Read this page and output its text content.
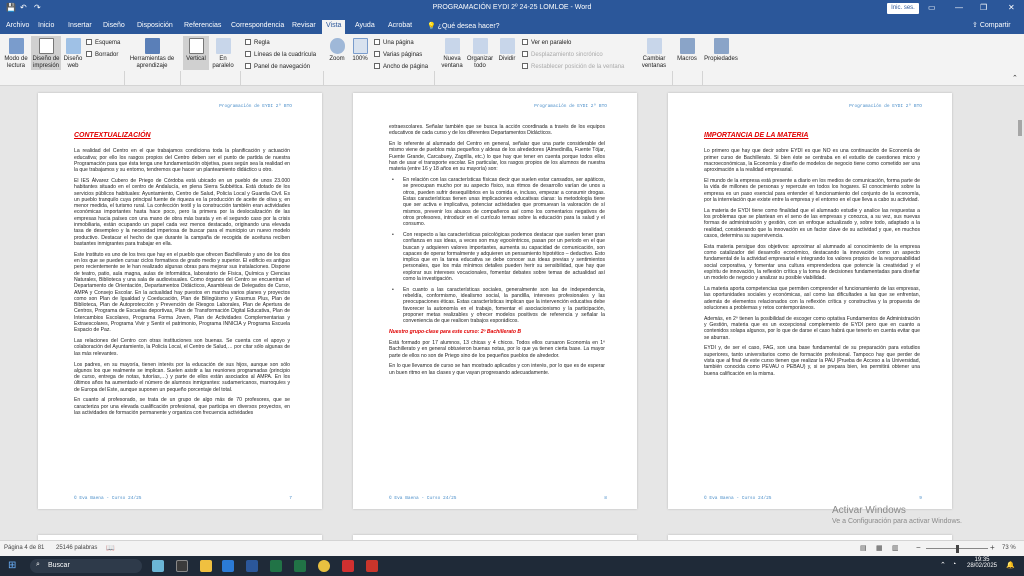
💾 ↶ ↷	PROGRAMACIÓN EYDI 2º 24-25 LOMLOE - Word	Inic. ses.	▭ — ❐	✕
Archivo	Inicio	Insertar	Diseño	Disposición	Referencias	Correspondencia	Revisar	Vista	Ayuda	Acrobat	💡 ¿Qué desea hacer?	⇪ Compartir
Modo de lectura
Diseño de impresión
Diseño web
Esquema
Borrador
Herramientas de aprendizaje
Vertical	En paralelo
Regla
Líneas de la cuadrícula
Panel de navegación
Zoom	100%
Una página
Varias páginas
Ancho de página
Nueva ventana
Organizar todo
Dividir
Ver en paralelo
Desplazamiento sincrónico
Restablecer posición de la ventana
Cambiar ventanas
Macros Propiedades
⌃
Programación de EYDI 2º BTO
CONTEXTUALIZACIÓN

La realidad del Centro en el que trabajamos condiciona toda la planificación y actuación educativa; por ello los rasgos propios del Centro deben ser el punto de partida de nuestra Programación para que ésta tenga une fundamentación objetiva, pues según sea la realidad en la que trabajamos y su entorno, tendremos que hacer un planteamiento didáctico u otro.

El IES Álvarez Cubero de Priego de Córdoba está ubicado en un pueblo de unos 23.000 habitantes situado en el centro de Andalucía, en plena Sierra Subbética. Está dotado de los servicios públicos habituales: Ayuntamiento, Centro de Salud, Policía Local y Guardia Civil. Es un pueblo tranquilo cuya principal fuente de riqueza es la producción de aceite de oliva y, en menor medida, el turismo rural. La confección textil y la construcción también eran actividades económicas importantes hasta hace poco, pero la primera por la deslocalización de las empresas hacia países con una mano de obra más barata y en el segundo caso por la crisis inmobiliaria, están ocupando un papel cada vez menos destacado, originando una elevada tasa de desempleo y la necesidad imperiosa de buscar para el municipio un nuevo modelo productivo. Destacar el hecho de que durante la campaña de recogida de aceituna reciben bastantes inmigrantes para trabajar en ella.

Este Instituto es uno de los tres que hay en el pueblo que ofrecen Bachillerato y uno de los dos en los que se pueden cursar ciclos formativos de grado medio y superior. El edificio es antiguo pero recientemente se le han realizado algunas obras para mejorar sus instalaciones. Dispone de teatro, patio, aula magna, aulas de informática, laboratorio de Física, Química y Ciencias Naturales, Biblioteca y una sala de audiovisuales. Como órganos del Centro se encuentran el Departamento de Orientación, Departamentos Didácticos, Asambleas de Delegados de Curso, AMPA y Consejo Escolar. En la actualidad hay puestos en marcha varios planes y proyectos como son Plan de Igualdad y Coeducación, Plan de Bilingüismo y Erasmus Plus, Plan de Biblioteca, Plan de Autoprotección y Prevención de Riesgos Laborales, Plan de Apertura de Centros, Programa de Escuelas deportivas, Plan de Transformación Digital Educativa, Plan de Intercambios Escolares, Programa Forma Joven, Plan de Actividades Complementarias y Extraescolares, Programa Vivir y Sentir el patrimonio, Programa INNICIA y Programa Escuela Espacio de Paz.

Las relaciones del Centro con otras instituciones son buenas. Se cuenta con el apoyo y colaboración del Ayuntamiento, la Policía Local, el Centro de Salud,… por citar sólo algunas de las más relevantes.

Los padres, en su mayoría, tienen interés por la educación de sus hijos, aunque son sólo algunos los que realmente se implican. Suelen asistir a las reuniones programadas (principio de curso, entrega de notas, tutorías,…) y parte de ellos están asociados al AMPA. En los últimos años ha aumentado el número de alumnos inmigrantes: sudamericanos, marroquíes y de Europa del Este, aunque suponen un pequeño porcentaje del total.

En cuanto al profesorado, se trata de un grupo de algo más de 70 profesores, que se caracteriza por una elevada cualificación profesional, que participa en diversos proyectos, en las actividades de formación permanente y organiza con frecuencia actividades

© Eva Baena - Curso 24/25	7
Programación de EYDI 2º BTO

extraescolares. Señalar también que se busca la acción coordinada a través de los equipos educativos de cada curso y de los diferentes Departamentos Didácticos.

En lo referente al alumnado del Centro en general, señalar que una parte considerable del mismo viene de pueblos más pequeños y aldeas de los alrededores (Almedinilla, Fuente Tójar, Fuente Grande, Carcabuey, Zagrilla, etc.) lo que hay que tener en cuenta porque todos ellos han de usar el transporte escolar. En particular, los rasgos propios de los alumnos de nuestra materia (entre 16 y 18 años en su mayoría) son:

• En relación con las características físicas decir que suelen estar cansados, ser apáticos, se preocupan mucho por su aspecto físico, sus ritmos de desarrollo varían de unos a otros, pueden sufrir desequilibrios en la comida e, incluso, empezar a consumir drogas. Estas características tienen unas implicaciones educativas claras: la metodología tiene que ser activa e implicativa, potenciar actividades que promuevan la valoración de sí mismos, prevenir los abusos de compañeros así como los comentarios negativos de otros profesores, introducir en el currículo temas sobre la educación para la salud y el consumo.
• Con respecto a las características psicológicas podemos destacar que suelen tener gran confianza en sus ideas, a veces son muy egocéntricos, pasan por un periodo en el que buscan y adquieren valores importantes, aumenta su capacidad de comunicación, son capaces de operar formalmente y adquieren un pensamiento hipotético – deductivo. Esto implica que en la tarea educativa se debe conocer sus ideas previas y sentimientos personales, que los más mínimos detalles pueden herir su sensibilidad, que hay que explorar sus intereses vocacionales, fomentar debates sobre temas de actualidad así como la investigación.
• En cuanto a las características sociales, generalmente son las de independencia, rebeldía, conformismo, idealismo social, la pandilla, intereses profesionales y las preocupaciones éticas. Estas características implican que la intervención educativa debe favorecer la autonomía en el trabajo, fomentar el asociacionismo y la participación, proponer metas realizables y ofrecer modelos positivos de referencia y señalar la conveniencia de que realicen trabajos esporádicos.

Nuestro grupo-clase para este curso: 2º Bachillerato B

Está formado por 17 alumnos, 13 chicas y 4 chicos. Todos ellos cursaron Economía en 1º Bachillerato y en general obtuvieron buenas notas, por lo que ya tienen cierta base. La mayor parte de ellos no son de Priego sino de los pequeños pueblos de alrededor.

En lo que llevamos de curso se han mostrado aplicados y con interés, por lo que es de esperar un buen ritmo en las clases y que vayan progresando adecuadamente.

© Eva Baena - Curso 24/25	8
Programación de EYDI 2º BTO
IMPORTANCIA DE LA MATERIA

Lo primero que hay que decir sobre EYDI es que NO es una continuación de Economía de primer curso de Bachillerato. Si bien éste se centraba en el estudio de cuestiones micro y macroeconómicas, la Economía y diseño de modelos de negocio tiene como cometido ser una aproximación a la realidad empresarial.

El mundo de la empresa está presente a diario en los medios de comunicación, forma parte de la vida de millones de personas y repercute en todos los hogares. El conocimiento sobre la empresa es un paso esencial para entender el funcionamiento del conjunto de la economía, por la interrelación que existe entre la empresa y el entorno en el que lleva a cabo su actividad.

La materia de EYDI tiene como finalidad que el alumnado estudie y analice las respuestas a los problemas que se plantean en el seno de las empresas y conozca, a su vez, sus nuevas formas de administración y gestión, con un enfoque actualizado y, sobre todo, adaptado a la realidad, considerando que la innovación es un factor clave de su actividad y que, en muchos casos, determina su supervivencia.

Esta materia persigue dos objetivos: aproximar al alumnado al conocimiento de la empresa como catalizador del desarrollo económico, destacando la innovación como un aspecto fundamental de la actividad empresarial e integrando los valores propios de la responsabilidad social corporativa, y fomentar una cultura emprendedora que potencie la creatividad y el espíritu de innovación, la reflexión crítica y la toma de decisiones fundamentadas para diseñar un modelo de negocio y analizar su posible viabilidad.

La materia aporta competencias que permiten comprender el funcionamiento de las empresas, las oportunidades sociales y económicas, así como las dificultades a las que se enfrentan, además de elementos relacionados con la reflexión crítica y constructiva y la propuesta de soluciones a problemas y retos contemporáneos.

Además, en 2º tienen la posibilidad de escoger como optativa Fundamentos de Administración y Gestión, materia que es un excepcional complemento de EYDI pero que en cuanto a contenidos solapa algunos, por lo que de darse el caso habrá que tenerlo en cuenta evitar que se aburran.

EYDI y, de ser el caso, FAG, son una base fundamental de su preparación para estudios superiores, tanto universitarios como de formación profesional. Tampoco hay que perder de vista que al final de este curso tienen que realizar la PAU (Prueba de Acceso a la Universidad, también conocida como PEVAU o PEBAU) y, si se prepara bien, les permitirá obtener una buena calificación en la misma.

© Eva Baena - Curso 24/25	9
Activar Windows
Ve a Configuración para activar Windows.
Página 4 de 81 25146 palabras 📖	▤ ▦ ▥ −	+ 73 %
⊞	⌕ Buscar	⌃ ◔
19:35
28/02/2025 🔔
